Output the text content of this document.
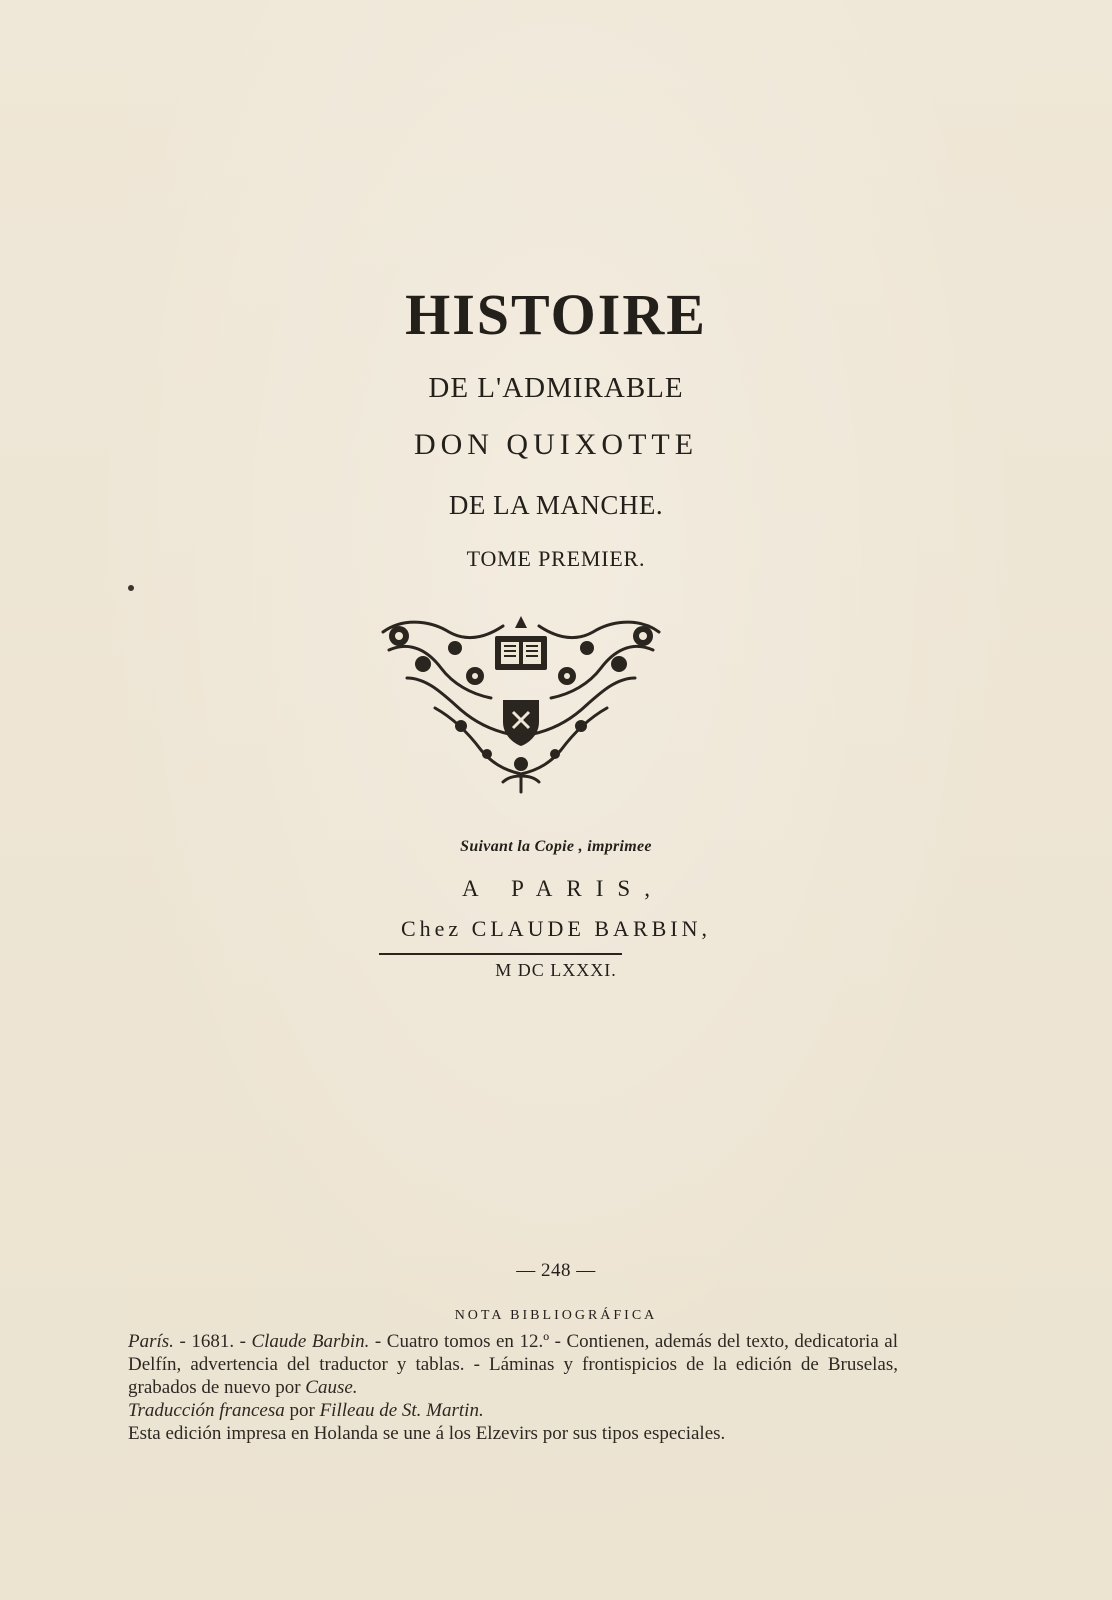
HISTOIRE
DE L'ADMIRABLE
DON QUIXOTTE
DE LA MANCHE.
TOME PREMIER.
Suivant la Copie , imprimee
A PARIS,
Chez CLAUDE BARBIN,
M DC LXXXI.
— 248 —
NOTA BIBLIOGRÁFICA

París. - 1681. - Claude Barbin. - Cuatro tomos en 12.º - Contienen, además del texto, dedicatoria al Delfín, advertencia del traductor y tablas. - Láminas y frontispicios de la edición de Bruselas, grabados de nuevo por Cause.
Traducción francesa por Filleau de St. Martin.
Esta edición impresa en Holanda se une á los Elzevirs por sus tipos especiales.
